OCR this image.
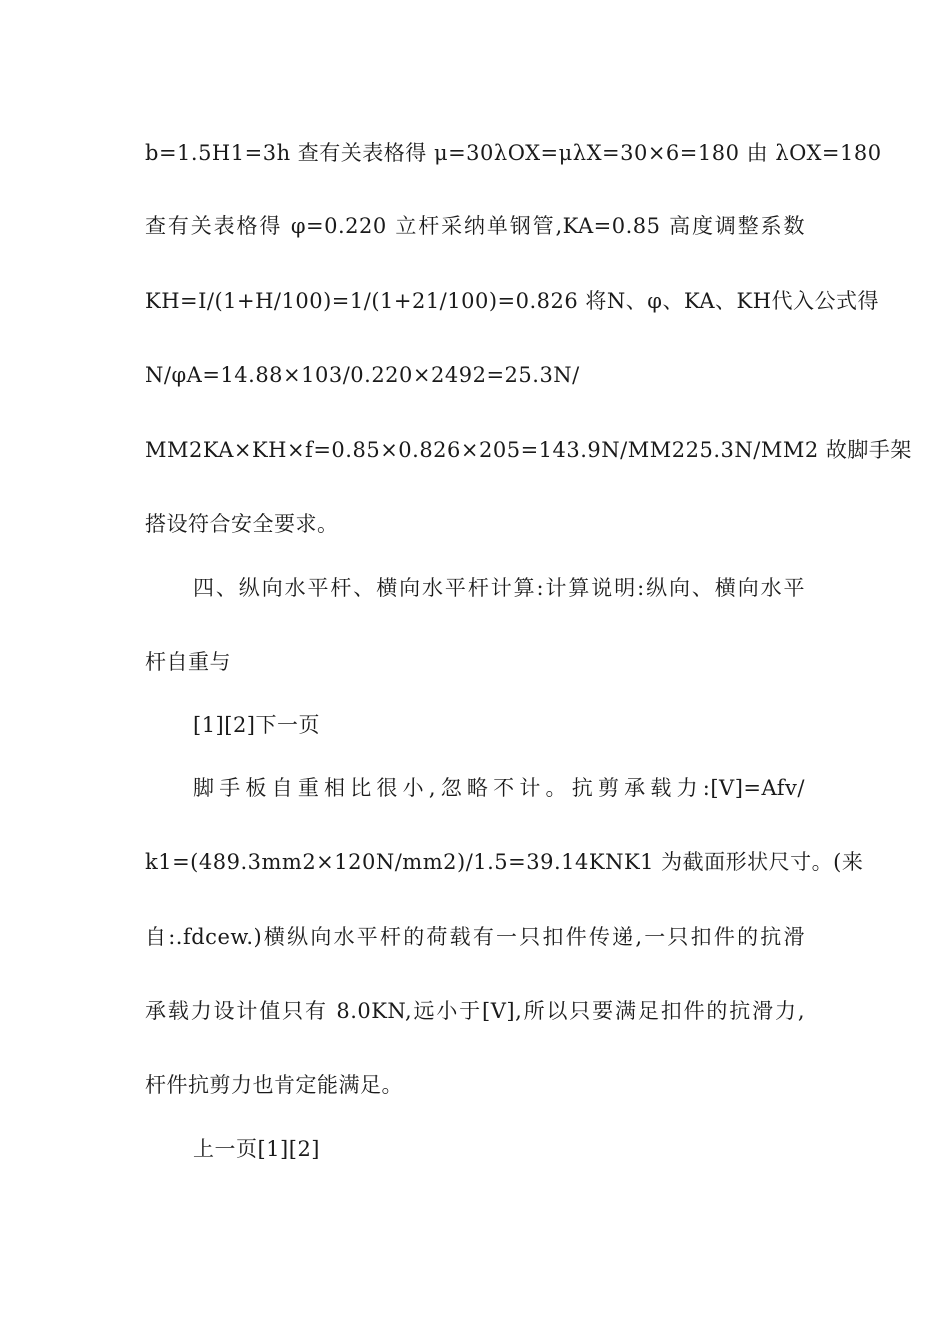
b=1.5H1=3h 查有关表格得 μ=30λOX=μλX=30×6=180 由 λOX=180
查有关表格得 φ=0.220 立杆采纳单钢管,KA=0.85 高度调整系数
KH=I/(1+H/100)=1/(1+21/100)=0.826 将N、φ、KA、KH代入公式得
N/φA=14.88×103/0.220×2492=25.3N/
MM2KA×KH×f=0.85×0.826×205=143.9N/MM225.3N/MM2 故脚手架
搭设符合安全要求。
四、纵向水平杆、横向水平杆计算:计算说明:纵向、横向水平
杆自重与
[1][2]下一页
脚手板自重相比很小,忽略不计。抗剪承载力:[V]=Afv/
k1=(489.3mm2×120N/mm2)/1.5=39.14KNK1 为截面形状尺寸。(来
自:.fdcew.)横纵向水平杆的荷载有一只扣件传递,一只扣件的抗滑
承载力设计值只有 8.0KN,远小于[V],所以只要满足扣件的抗滑力,
杆件抗剪力也肯定能满足。
上一页[1][2]
